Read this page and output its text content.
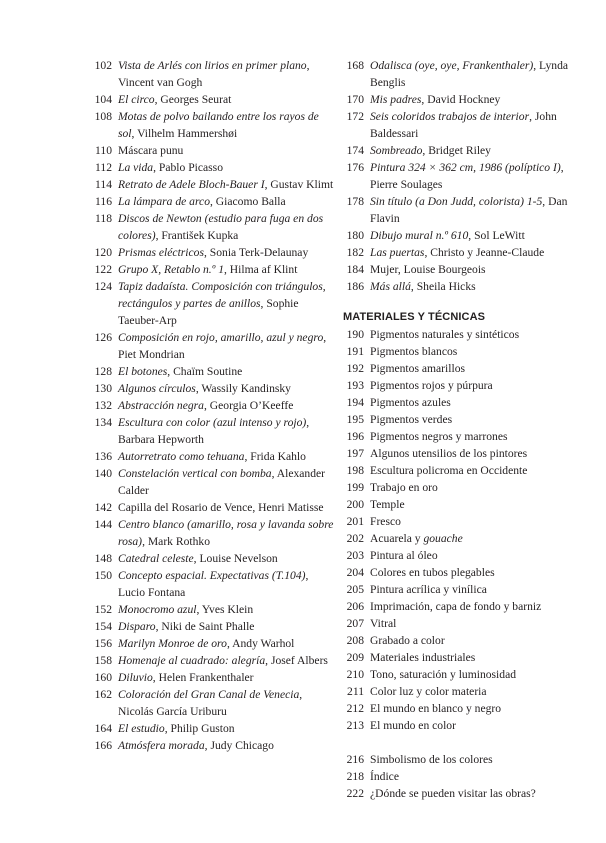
102 Vista de Arlés con lirios en primer plano, Vincent van Gogh
104 El circo, Georges Seurat
108 Motas de polvo bailando entre los rayos de sol, Vilhelm Hammershøi
110 Máscara punu
112 La vida, Pablo Picasso
114 Retrato de Adele Bloch-Bauer I, Gustav Klimt
116 La lámpara de arco, Giacomo Balla
118 Discos de Newton (estudio para fuga en dos colores), František Kupka
120 Prismas eléctricos, Sonia Terk-Delaunay
122 Grupo X, Retablo n.º 1, Hilma af Klint
124 Tapiz dadaísta. Composición con triángulos, rectángulos y partes de anillos, Sophie Taeuber-Arp
126 Composición en rojo, amarillo, azul y negro, Piet Mondrian
128 El botones, Chaïm Soutine
130 Algunos círculos, Wassily Kandinsky
132 Abstracción negra, Georgia O’Keeffe
134 Escultura con color (azul intenso y rojo), Barbara Hepworth
136 Autorretrato como tehuana, Frida Kahlo
140 Constelación vertical con bomba, Alexander Calder
142 Capilla del Rosario de Vence, Henri Matisse
144 Centro blanco (amarillo, rosa y lavanda sobre rosa), Mark Rothko
148 Catedral celeste, Louise Nevelson
150 Concepto espacial. Expectativas (T.104), Lucio Fontana
152 Monocromo azul, Yves Klein
154 Disparo, Niki de Saint Phalle
156 Marilyn Monroe de oro, Andy Warhol
158 Homenaje al cuadrado: alegría, Josef Albers
160 Diluvio, Helen Frankenthaler
162 Coloración del Gran Canal de Venecia, Nicolás García Uriburu
164 El estudio, Philip Guston
166 Atmósfera morada, Judy Chicago
168 Odalisca (oye, oye, Frankenthaler), Lynda Benglis
170 Mis padres, David Hockney
172 Seis coloridos trabajos de interior, John Baldessari
174 Sombreado, Bridget Riley
176 Pintura 324 × 362 cm, 1986 (políptico I), Pierre Soulages
178 Sin título (a Don Judd, colorista) 1-5, Dan Flavin
180 Dibujo mural n.º 610, Sol LeWitt
182 Las puertas, Christo y Jeanne-Claude
184 Mujer, Louise Bourgeois
186 Más allá, Sheila Hicks
MATERIALES Y TÉCNICAS
190 Pigmentos naturales y sintéticos
191 Pigmentos blancos
192 Pigmentos amarillos
193 Pigmentos rojos y púrpura
194 Pigmentos azules
195 Pigmentos verdes
196 Pigmentos negros y marrones
197 Algunos utensilios de los pintores
198 Escultura policroma en Occidente
199 Trabajo en oro
200 Temple
201 Fresco
202 Acuarela y gouache
203 Pintura al óleo
204 Colores en tubos plegables
205 Pintura acrílica y vinílica
206 Imprimación, capa de fondo y barniz
207 Vitral
208 Grabado a color
209 Materiales industriales
210 Tono, saturación y luminosidad
211 Color luz y color materia
212 El mundo en blanco y negro
213 El mundo en color
216 Simbolismo de los colores
218 Índice
222 ¿Dónde se pueden visitar las obras?
